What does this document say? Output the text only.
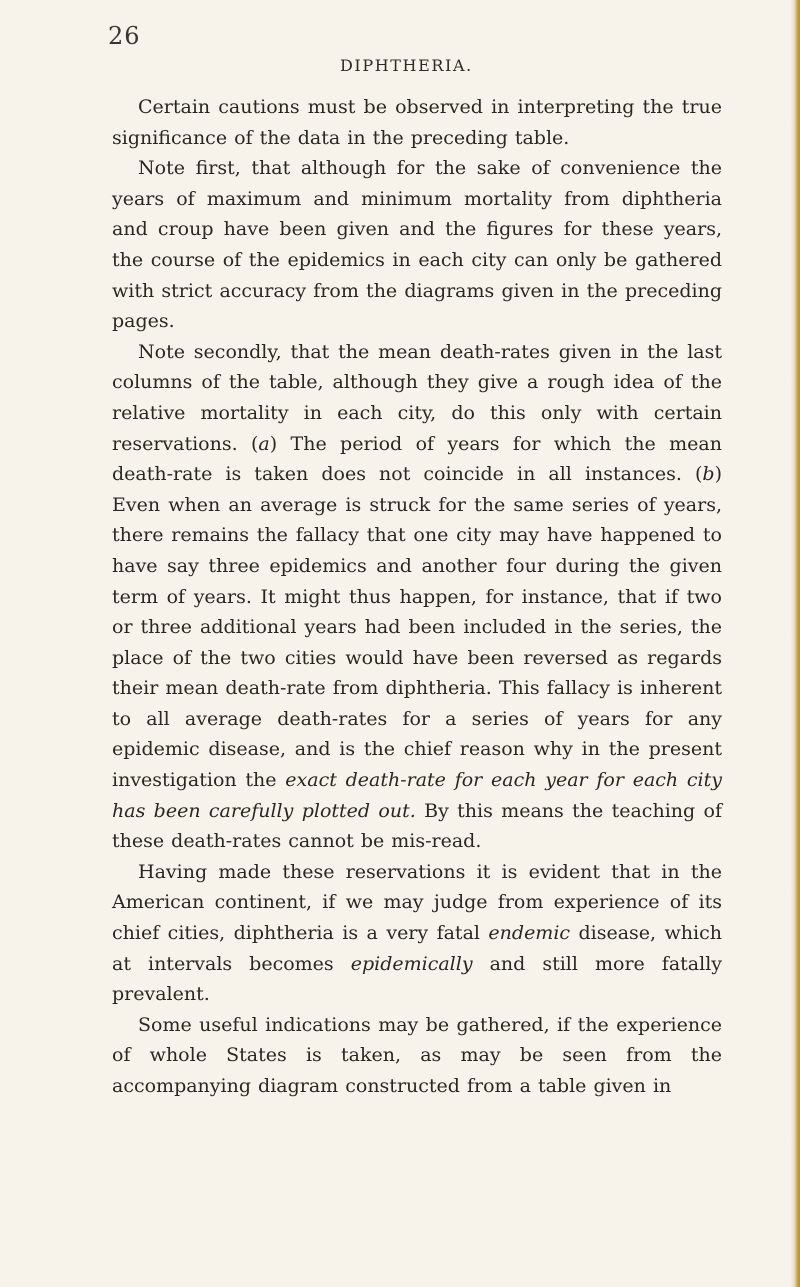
26

DIPHTHERIA.

Certain cautions must be observed in interpreting the true significance of the data in the preceding table.

Note first, that although for the sake of convenience the years of maximum and minimum mortality from diphtheria and croup have been given and the figures for these years, the course of the epidemics in each city can only be gathered with strict accuracy from the diagrams given in the preceding pages.

Note secondly, that the mean death-rates given in the last columns of the table, although they give a rough idea of the relative mortality in each city, do this only with certain reservations. (a) The period of years for which the mean death-rate is taken does not coincide in all instances. (b) Even when an average is struck for the same series of years, there remains the fallacy that one city may have happened to have say three epidemics and another four during the given term of years. It might thus happen, for instance, that if two or three additional years had been included in the series, the place of the two cities would have been reversed as regards their mean death-rate from diphtheria. This fallacy is inherent to all average death-rates for a series of years for any epidemic disease, and is the chief reason why in the present investigation the exact death-rate for each year for each city has been carefully plotted out. By this means the teaching of these death-rates cannot be mis-read.

Having made these reservations it is evident that in the American continent, if we may judge from experience of its chief cities, diphtheria is a very fatal endemic disease, which at intervals becomes epidemically and still more fatally prevalent.

Some useful indications may be gathered, if the experience of whole States is taken, as may be seen from the accompanying diagram constructed from a table given in
